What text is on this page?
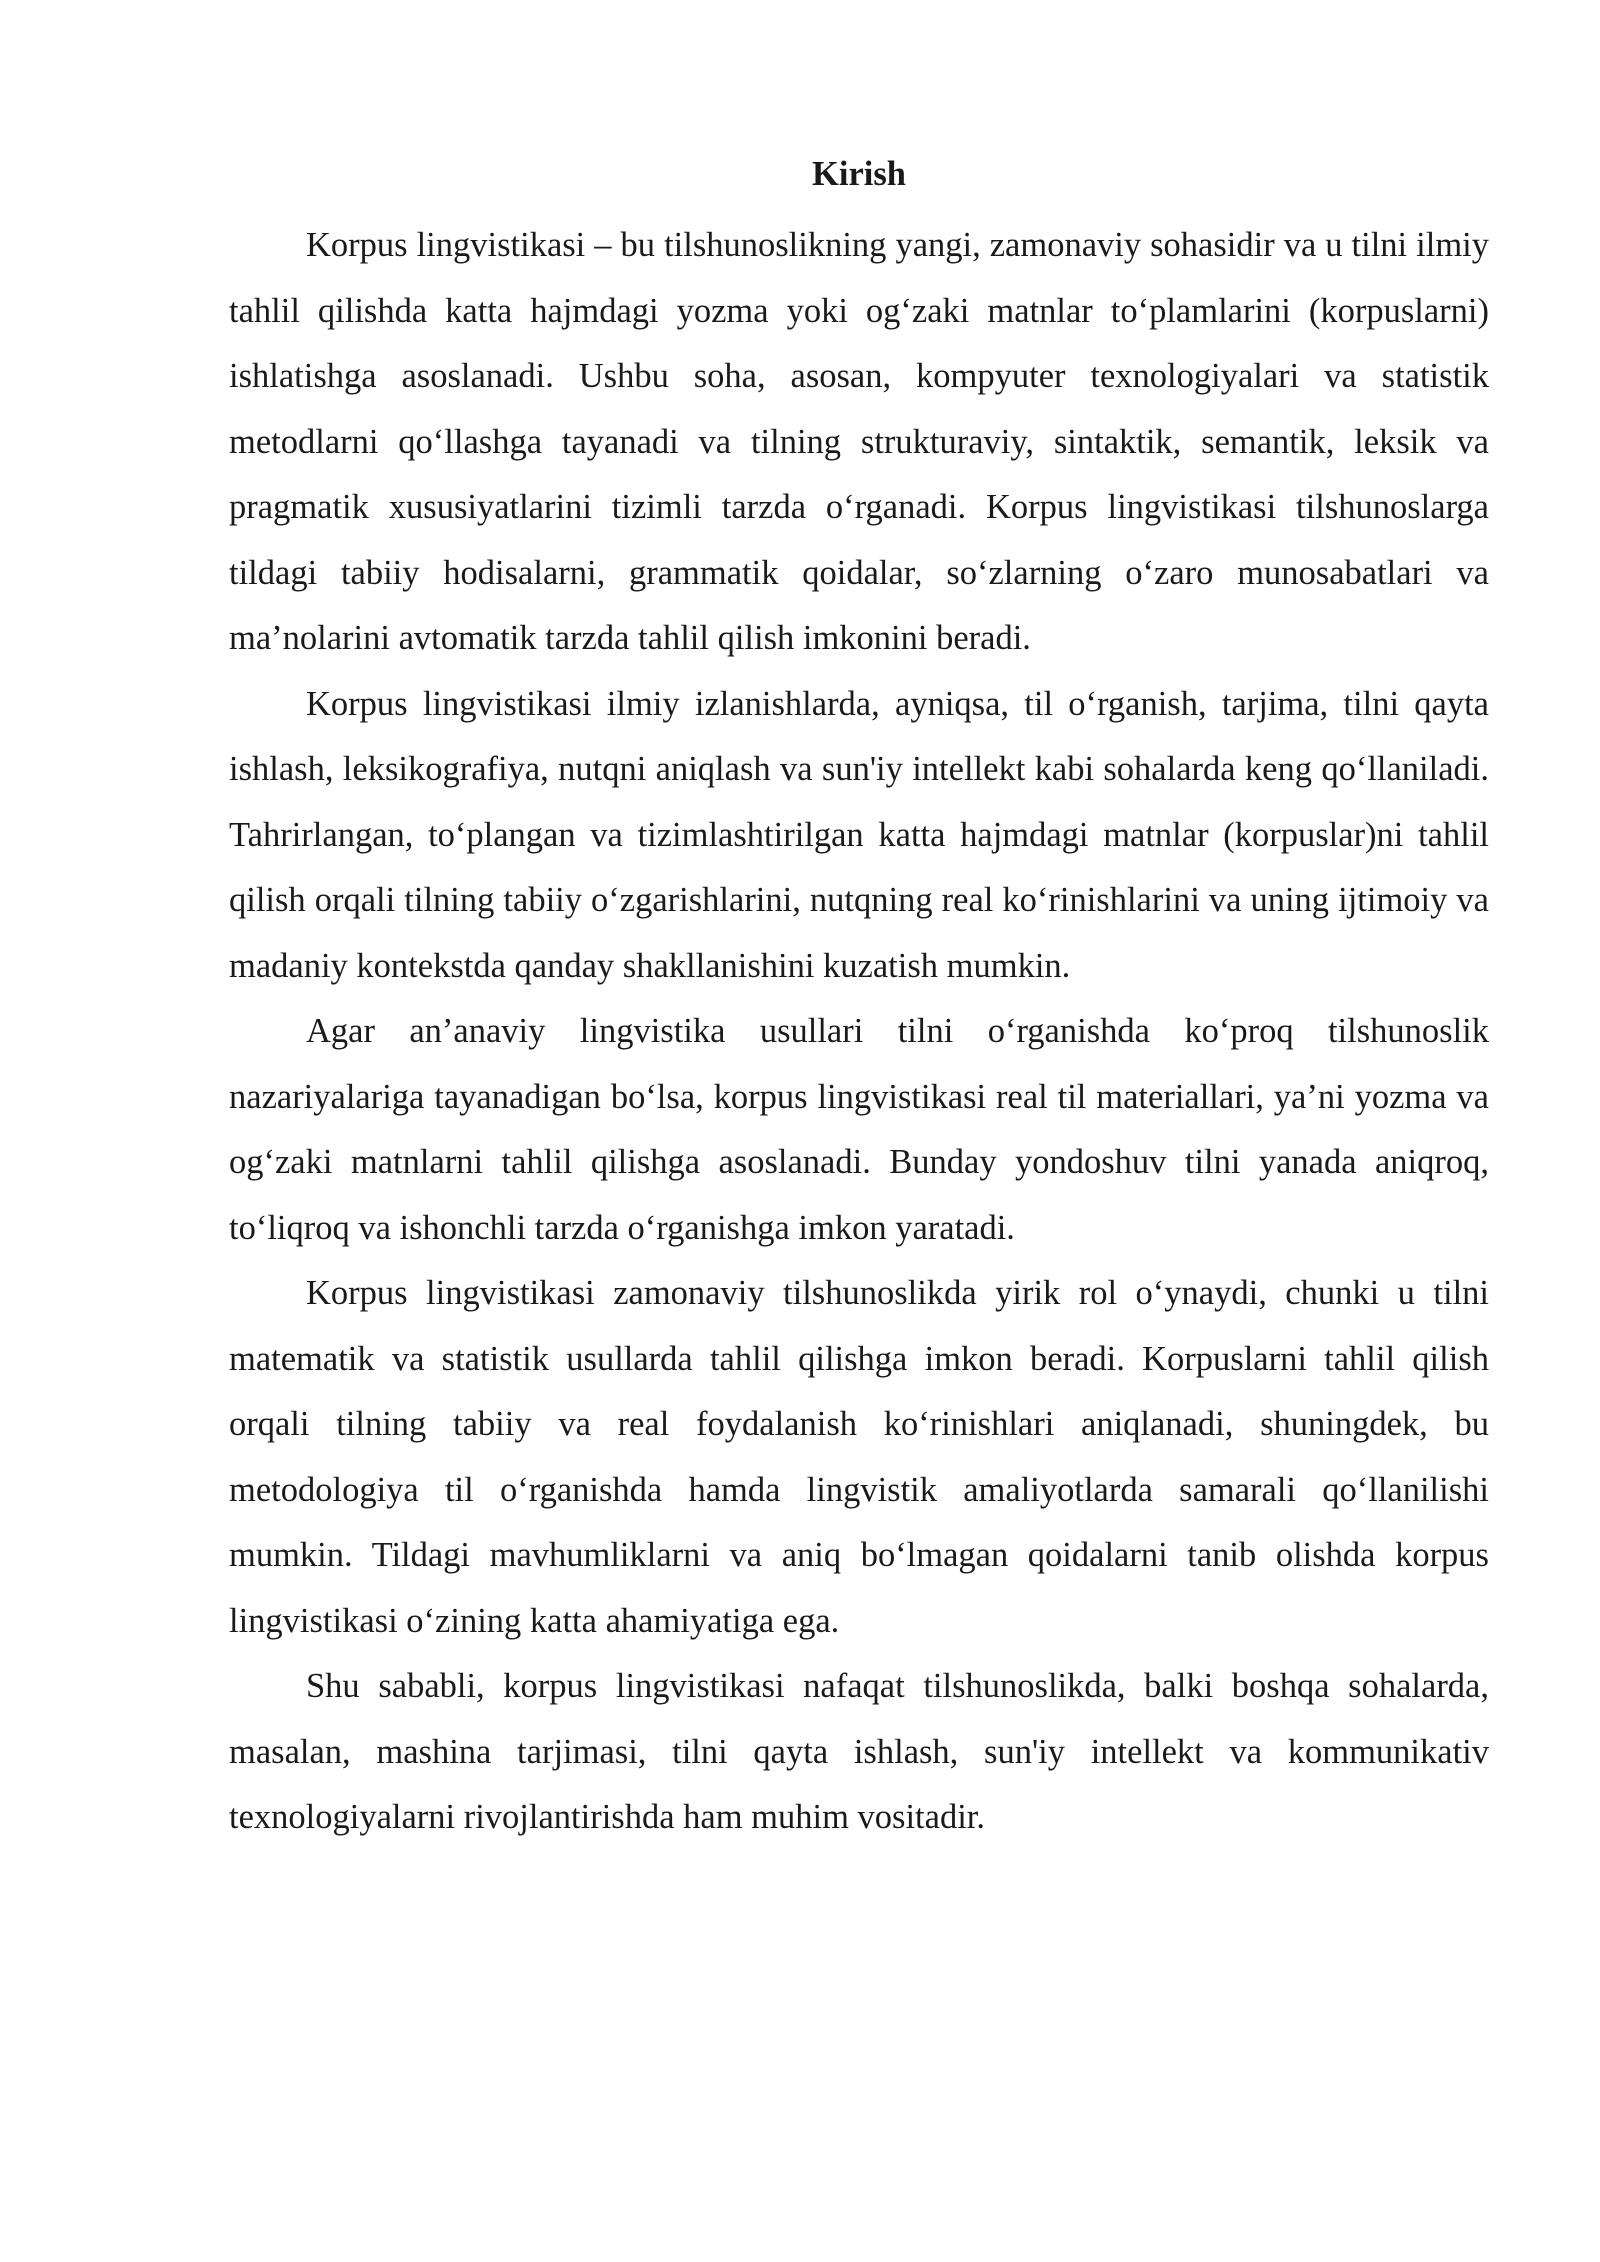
Kirish

Korpus lingvistikasi – bu tilshunoslikning yangi, zamonaviy sohasidir va u tilni ilmiy tahlil qilishda katta hajmdagi yozma yoki og‘zaki matnlar to‘plamlarini (korpuslarni) ishlatishga asoslanadi. Ushbu soha, asosan, kompyuter texnologiyalari va statistik metodlarni qo‘llashga tayanadi va tilning strukturaviy, sintaktik, semantik, leksik va pragmatik xususiyatlarini tizimli tarzda o‘rganadi. Korpus lingvistikasi tilshunoslarga tildagi tabiiy hodisalarni, grammatik qoidalar, so‘zlarning o‘zaro munosabatlari va ma’nolarini avtomatik tarzda tahlil qilish imkonini beradi.

Korpus lingvistikasi ilmiy izlanishlarda, ayniqsa, til o‘rganish, tarjima, tilni qayta ishlash, leksikografiya, nutqni aniqlash va sun'iy intellekt kabi sohalarda keng qo‘llaniladi. Tahrirlangan, to‘plangan va tizimlashtirilgan katta hajmdagi matnlar (korpuslar)ni tahlil qilish orqali tilning tabiiy o‘zgarishlarini, nutqning real ko‘rinishlarini va uning ijtimoiy va madaniy kontekstda qanday shakllanishini kuzatish mumkin.

Agar an’anaviy lingvistika usullari tilni o‘rganishda ko‘proq tilshunoslik nazariyalariga tayanadigan bo‘lsa, korpus lingvistikasi real til materiallari, ya’ni yozma va og‘zaki matnlarni tahlil qilishga asoslanadi. Bunday yondoshuv tilni yanada aniqroq, to‘liqroq va ishonchli tarzda o‘rganishga imkon yaratadi.

Korpus lingvistikasi zamonaviy tilshunoslikda yirik rol o‘ynaydi, chunki u tilni matematik va statistik usullarda tahlil qilishga imkon beradi. Korpuslarni tahlil qilish orqali tilning tabiiy va real foydalanish ko‘rinishlari aniqlanadi, shuningdek, bu metodologiya til o‘rganishda hamda lingvistik amaliyotlarda samarali qo‘llanilishi mumkin. Tildagi mavhumliklarni va aniq bo‘lmagan qoidalarni tanib olishda korpus lingvistikasi o‘zining katta ahamiyatiga ega.

Shu sababli, korpus lingvistikasi nafaqat tilshunoslikda, balki boshqa sohalarda, masalan, mashina tarjimasi, tilni qayta ishlash, sun'iy intellekt va kommunikativ texnologiyalarni rivojlantirishda ham muhim vositadir.
